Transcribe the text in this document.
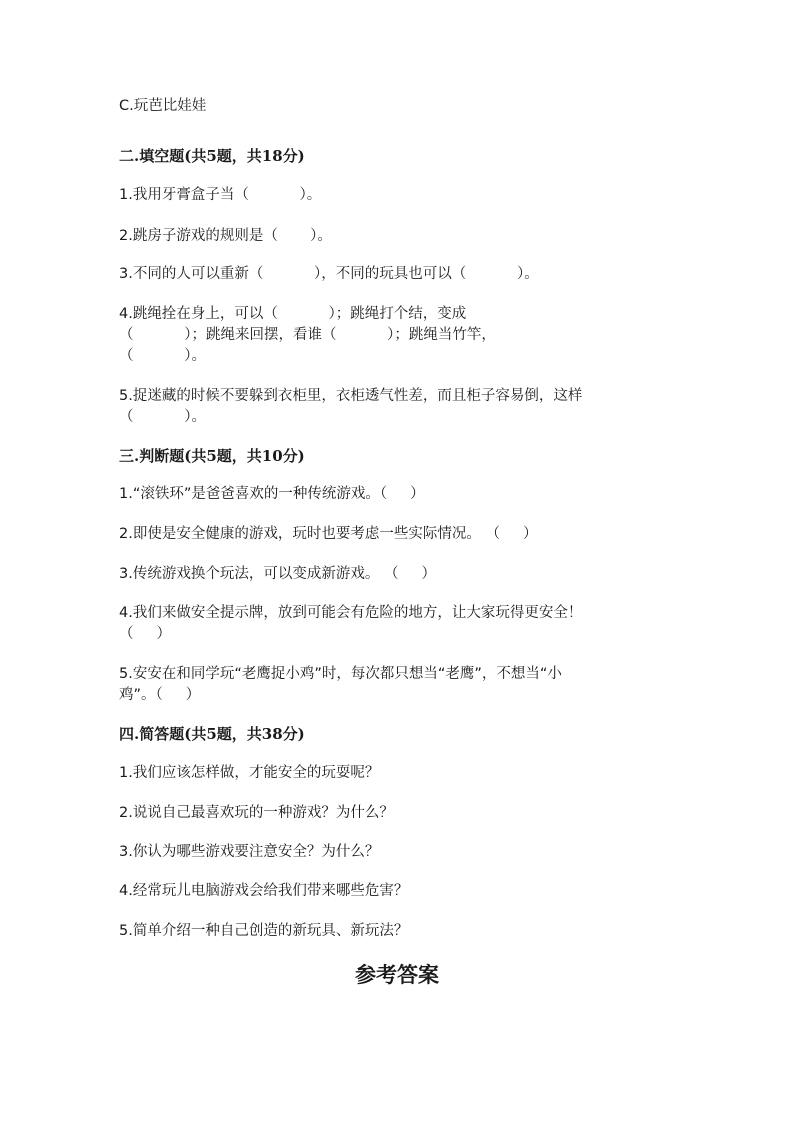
C.玩芭比娃娃
二.填空题(共5题，共18分)
1.我用牙膏盒子当（           ）。
2.跳房子游戏的规则是（       ）。
3.不同的人可以重新（           ），不同的玩具也可以（           ）。
4.跳绳拴在身上，可以（           ）；跳绳打个结，变成
（           ）；跳绳来回摆，看谁（           ）；跳绳当竹竿，
（           ）。
5.捉迷藏的时候不要躲到衣柜里，衣柜透气性差，而且柜子容易倒，这样
（           ）。
三.判断题(共5题，共10分)
1.“滚铁环”是爸爸喜欢的一种传统游戏。（     ）
2.即使是安全健康的游戏，玩时也要考虑一些实际情况。 （     ）
3.传统游戏换个玩法，可以变成新游戏。 （     ）
4.我们来做安全提示牌，放到可能会有危险的地方，让大家玩得更安全！
（     ）
5.安安在和同学玩“老鹰捉小鸡”时，每次都只想当“老鹰”，不想当“小
鸡”。（     ）
四.简答题(共5题，共38分)
1.我们应该怎样做，才能安全的玩耍呢？
2.说说自己最喜欢玩的一种游戏？为什么？
3.你认为哪些游戏要注意安全？为什么？
4.经常玩儿电脑游戏会给我们带来哪些危害？
5.简单介绍一种自己创造的新玩具、新玩法？
参考答案
